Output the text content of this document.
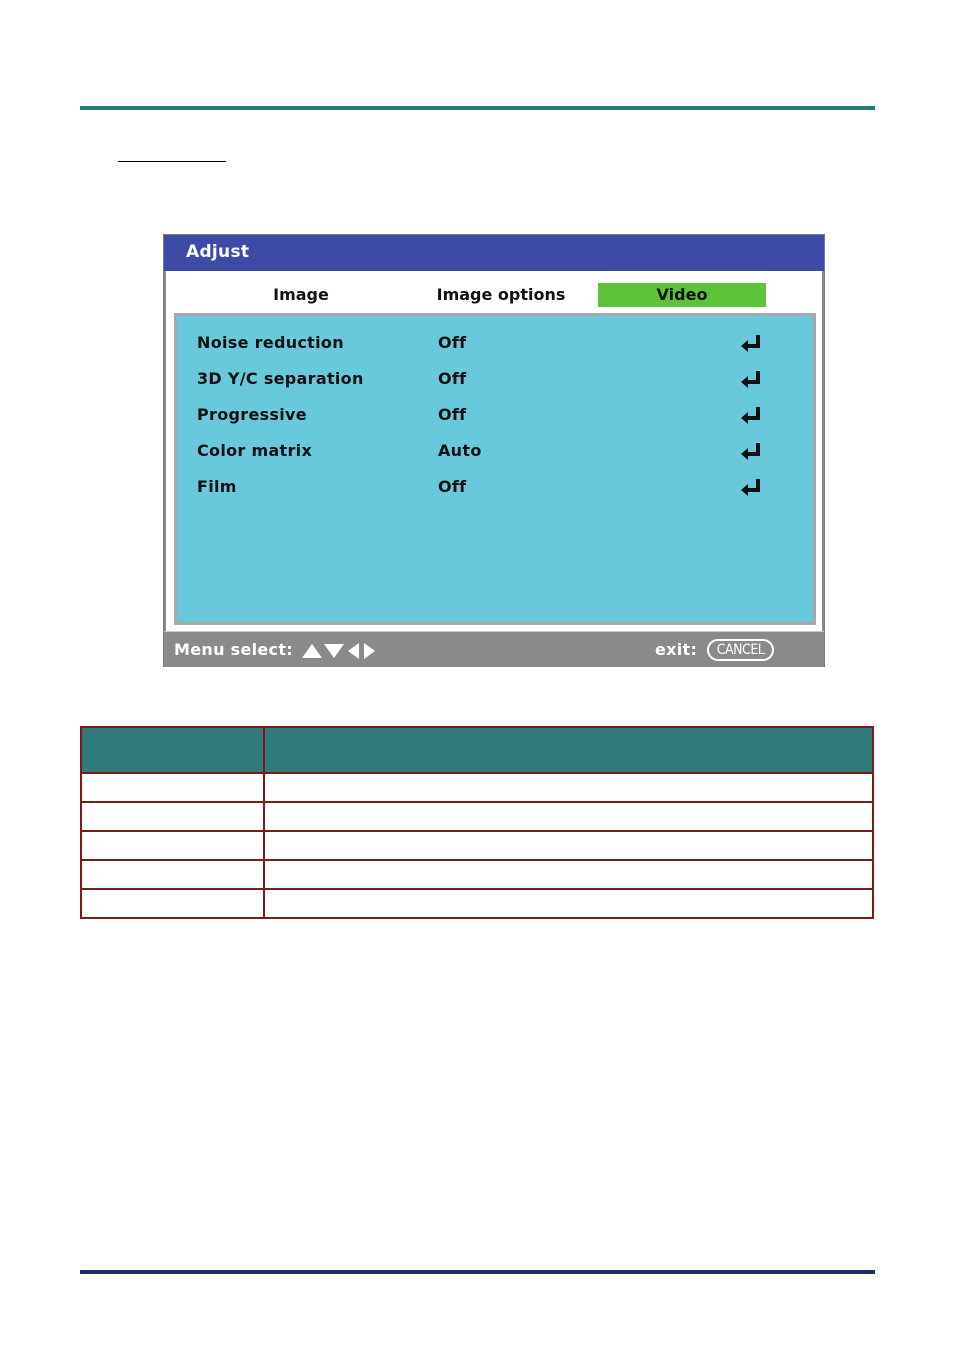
Adjust
Image	Image options	Video
Noise reduction	Off
3D Y/C separation	Off
Progressive	Off
Color matrix	Auto
Film	Off
Menu select:	exit:	CANCEL
